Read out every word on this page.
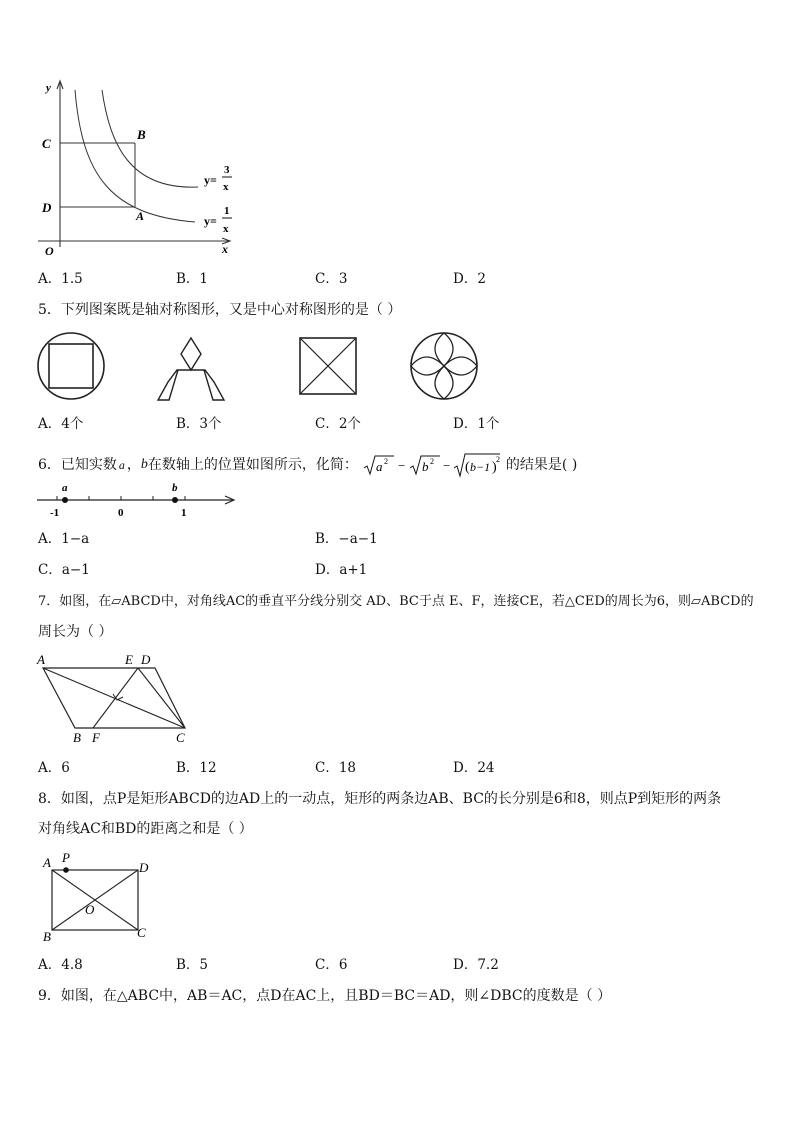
y
x
O
C
D
B
A
y=
3
x
y=
1
x
A．1.5	B．1	C．3	D．2
5．下列图案既是轴对称图形，又是中心对称图形的是（ ）
A．4个	B．3个	C．2个	D．1个
6．已知实数 a ， b 在数轴上的位置如图所示，化简： a 2 − b 2 − ( b−1 )
2 的结果是( )
a	b
-1	0	1
A．1−a	B．−a−1
C．a−1	D．a+1
7．如图，在▱ABCD中，对角线AC的垂直平分线分别交 AD、BC于点 E、F，连接CE，若△CED的周长为6，则▱ABCD的
周长为（ ）
A	E D
B F	C
A．6	B．12	C．18	D．24
8．如图，点P是矩形ABCD的边AD上的一动点，矩形的两条边AB、BC的长分别是6和8，则点P到矩形的两条
对角线AC和BD的距离之和是（ ）
A P
D
O
B	C
A．4.8	B．5	C．6	D．7.2
9．如图，在△ABC中，AB＝AC，点D在AC上，且BD＝BC＝AD，则∠DBC的度数是（ ）
